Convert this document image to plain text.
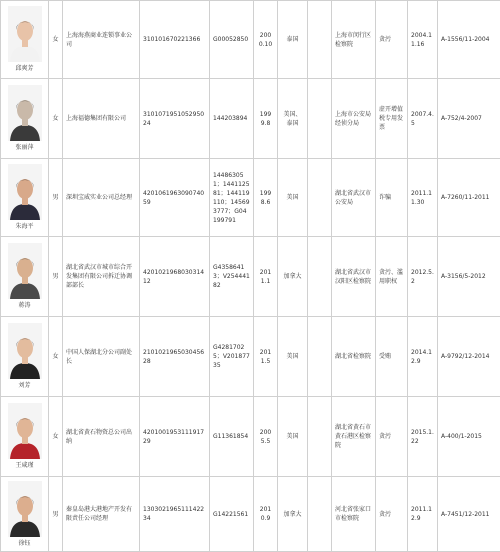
邱爽芳	女	上海海燕商业连锁事业公司	310101670221366	G00052850	2000.10	泰国		上海市闵行区检察院	贪污	2004.11.16	A-1556/11-2004

张丽萍	女	上海福德集团有限公司	310107195105295024	144203894	1999.8	美国、泰国		上海市公安局经侦分局	虚开增值税专用发票	2007.4.5	A-752/4-2007

朱海平	男	深圳宝威实业公司总经理	420106196309074059	144863051；144112581；144119110；145693777；G04199791	1998.6	美国		湖北省武汉市公安局	诈骗	2011.11.30	A-7260/11-2011

蒋涛	男	湖北省武汉市城市综合开发集团有限公司拆迁协调部部长	420102196803031412	G43586413；V25444182	2011.1	加拿大		湖北省武汉市汉阳区检察院	贪污、滥用职权	2012.5.2	A-3156/5-2012

刘芳	女	中国人保湖北分公司副处长	210102196503045628	G42817025；V20187735	2011.5	美国		湖北省检察院	受贿	2014.12.9	A-9792/12-2014

王咸瑾	女	湖北省黄石物资总公司出纳	420100195311191729	G11361854	2005.5	美国		湖北省黄石市黄石港区检察院	贪污	2015.1.22	A-400/1-2015

徐钰	男	秦皇岛港大港地产开发有限责任公司经理	130302196511142234	G14221561	2010.9	加拿大		河北省张家口市检察院	贪污	2011.12.9	A-7451/12-2011
